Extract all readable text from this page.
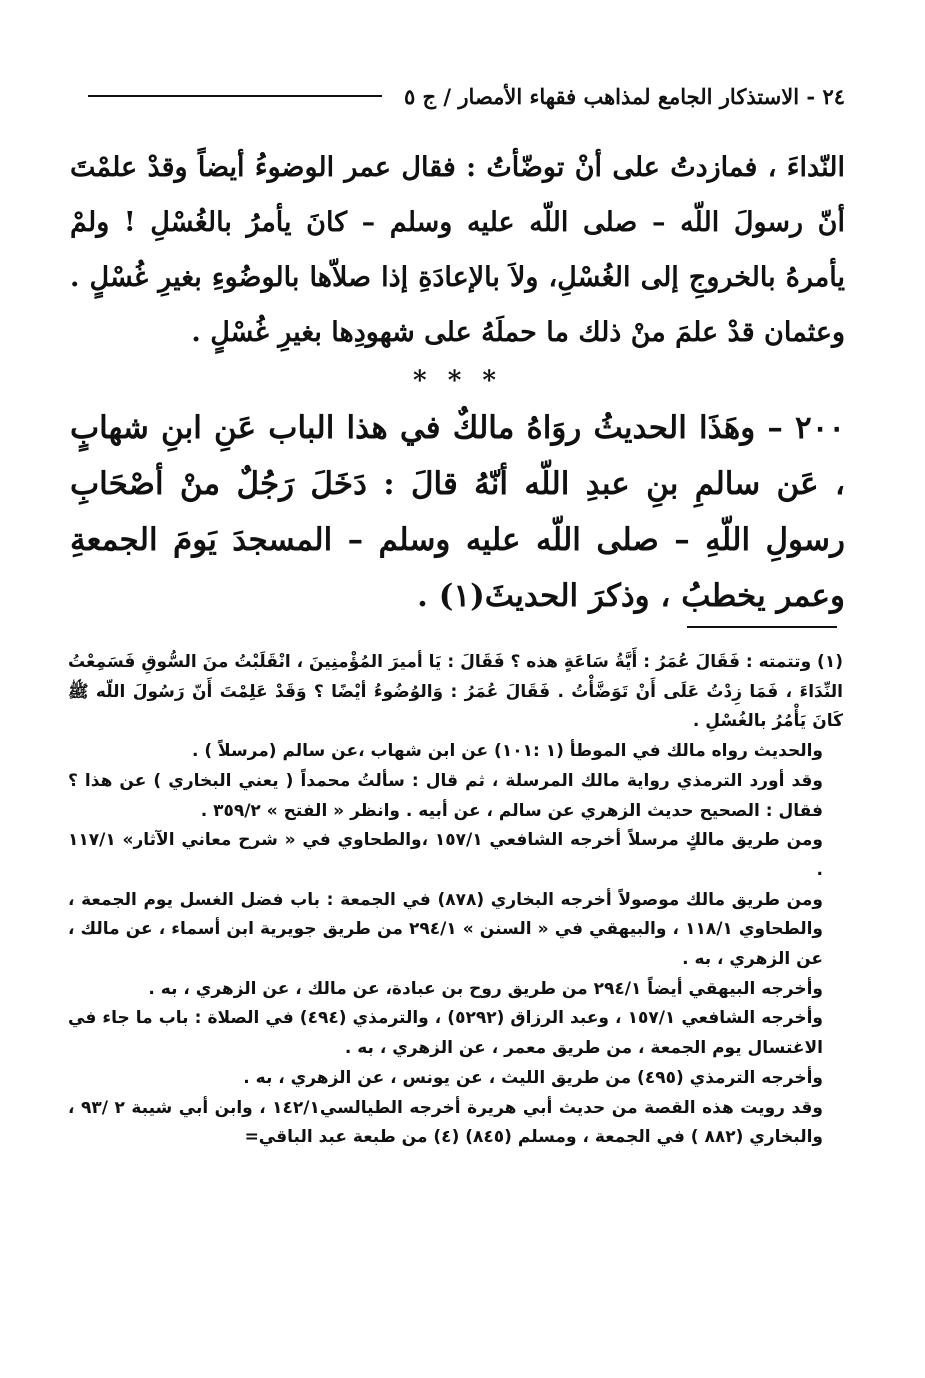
٢٤ - الاستذكار الجامع لمذاهب فقهاء الأمصار / ج ٥

النّداءَ ، فمازدتُ على أنْ توضّأتُ : فقال عمر الوضوءُ أيضاً وقدْ علمْتَ أنّ رسولَ اللّه – صلى اللّه عليه وسلم – كانَ يأمرُ بالغُسْلِ ! ولمْ يأمرهُ بالخروجِ إلى الغُسْلِ، ولاَ بالإعادَةِ إذا صلاّها بالوضُوءِ بغيرِ غُسْلٍ . وعثمان قدْ علمَ منْ ذلك ما حملَهُ على شهودِها بغيرِ غُسْلٍ .

* * *

٢٠٠ – وهَذَا الحديثُ روَاهُ مالكٌ في هذا الباب عَنِ ابنِ شهابٍ ، عَن سالمِ بنِ عبدِ اللّه أنّهُ قالَ : دَخَلَ رَجُلٌ منْ أصْحَابِ رسولِ اللّهِ – صلى اللّه عليه وسلم – المسجدَ يَومَ الجمعةِ وعمر يخطبُ ، وذكرَ الحديثَ(١) .

(١) وتتمته : فَقَالَ عُمَرُ : أَيَّةُ سَاعَةٍ هذه ؟ فَقَالَ : يَا أميرَ المُؤْمنِينَ ، انْقَلَبْتُ منَ السُّوقِ فَسَمِعْتُ النِّدَاءَ ، فَمَا زِدْتُ عَلَى أَنْ تَوَضَّأْتُ . فَقَالَ عُمَرُ : وَالوُضُوءُ أيْضًا ؟ وَقَدْ عَلِمْتَ أَنّ رَسُولَ اللّه ﷺ كَانَ يَأْمُرُ بالغُسْلِ .

والحديث رواه مالك في الموطأ (١ :١٠١) عن ابن شهاب ،عن سالم (مرسلاً ) .

وقد أورد الترمذي رواية مالك المرسلة ، ثم قال : سألتُ محمداً ( يعني البخاري ) عن هذا ؟ فقال : الصحيح حديث الزهري عن سالم ، عن أبيه . وانظر « الفتح » ٣٥٩/٢ .

ومن طريق مالكٍ مرسلاً أخرجه الشافعي ١٥٧/١ ،والطحاوي في « شرح معاني الآثار» ١١٧/١ .

ومن طريق مالك موصولاً أخرجه البخاري (٨٧٨) في الجمعة : باب فضل الغسل يوم الجمعة ، والطحاوي ١١٨/١ ، والبيهقي في « السنن » ٢٩٤/١ من طريق جويرية ابن أسماء ، عن مالك ، عن الزهري ، به .

وأخرجه البيهقي أيضاً ٢٩٤/١ من طريق روح بن عبادة، عن مالك ، عن الزهري ، به .

وأخرجه الشافعي ١٥٧/١ ، وعبد الرزاق (٥٢٩٢) ، والترمذي (٤٩٤) في الصلاة : باب ما جاء في الاغتسال يوم الجمعة ، من طريق معمر ، عن الزهري ، به .

وأخرجه الترمذي (٤٩٥) من طريق الليث ، عن يونس ، عن الزهري ، به .

وقد رويت هذه القصة من حديث أبي هريرة أخرجه الطيالسي١٤٢/١ ، وابن أبي شيبة ٢ /٩٣ ، والبخاري (٨٨٢ ) في الجمعة ، ومسلم (٨٤٥) (٤) من طبعة عبد الباقي=
